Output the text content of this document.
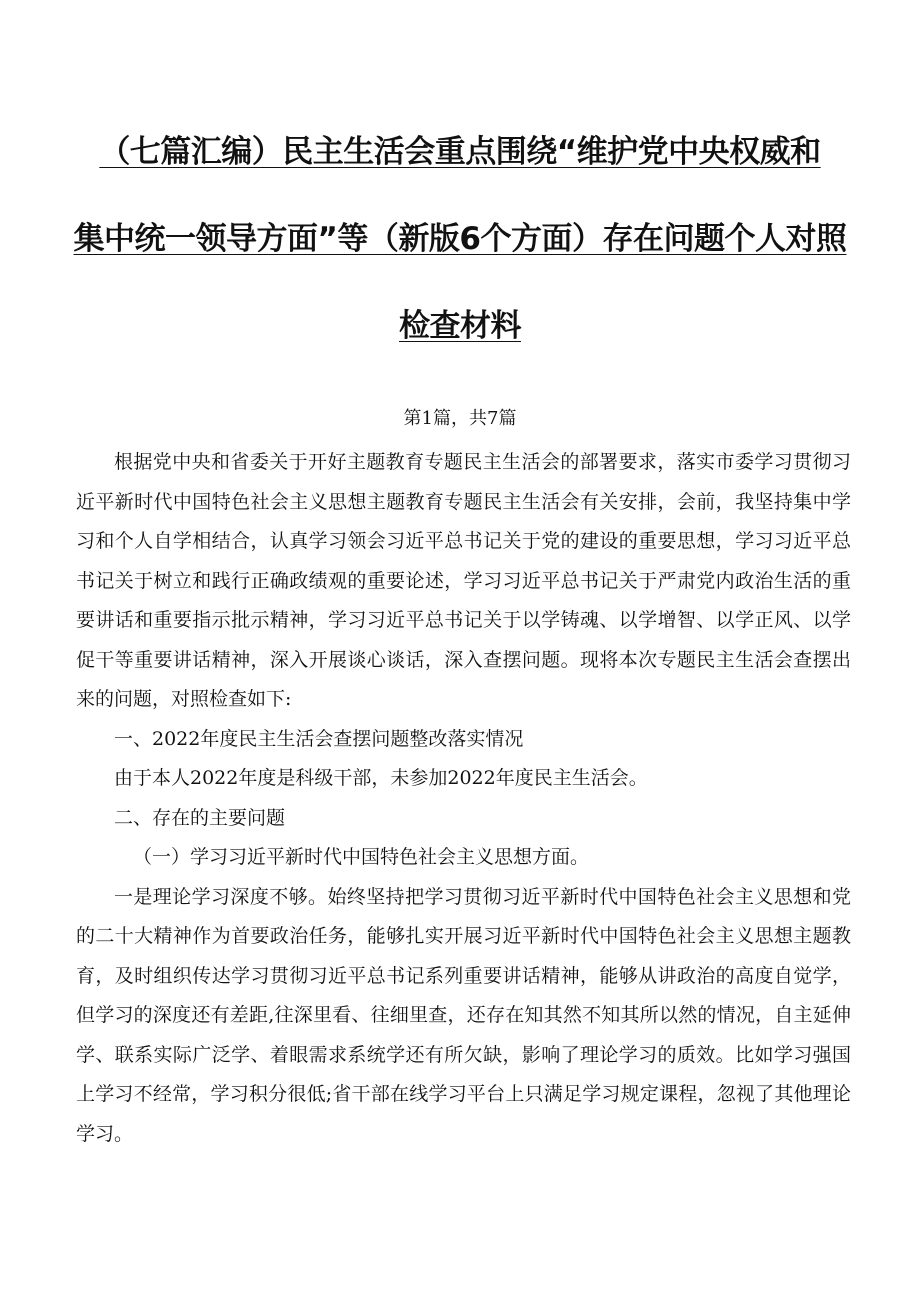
（七篇汇编）民主生活会重点围绕“维护党中央权威和
集中统一领导方面”等（新版6个方面）存在问题个人对照
检查材料
第1篇，共7篇

根据党中央和省委关于开好主题教育专题民主生活会的部署要求，落实市委学习贯彻习近平新时代中国特色社会主义思想主题教育专题民主生活会有关安排，会前，我坚持集中学习和个人自学相结合，认真学习领会习近平总书记关于党的建设的重要思想，学习习近平总书记关于树立和践行正确政绩观的重要论述，学习习近平总书记关于严肃党内政治生活的重要讲话和重要指示批示精神，学习习近平总书记关于以学铸魂、以学增智、以学正风、以学促干等重要讲话精神，深入开展谈心谈话，深入查摆问题。现将本次专题民主生活会查摆出来的问题，对照检查如下:

一、2022年度民主生活会查摆问题整改落实情况

由于本人2022年度是科级干部，未参加2022年度民主生活会。

二、存在的主要问题

（一）学习习近平新时代中国特色社会主义思想方面。

一是理论学习深度不够。始终坚持把学习贯彻习近平新时代中国特色社会主义思想和党的二十大精神作为首要政治任务，能够扎实开展习近平新时代中国特色社会主义思想主题教育，及时组织传达学习贯彻习近平总书记系列重要讲话精神，能够从讲政治的高度自觉学，但学习的深度还有差距,往深里看、往细里查，还存在知其然不知其所以然的情况，自主延伸学、联系实际广泛学、着眼需求系统学还有所欠缺，影响了理论学习的质效。比如学习强国上学习不经常，学习积分很低;省干部在线学习平台上只满足学习规定课程，忽视了其他理论学习。
